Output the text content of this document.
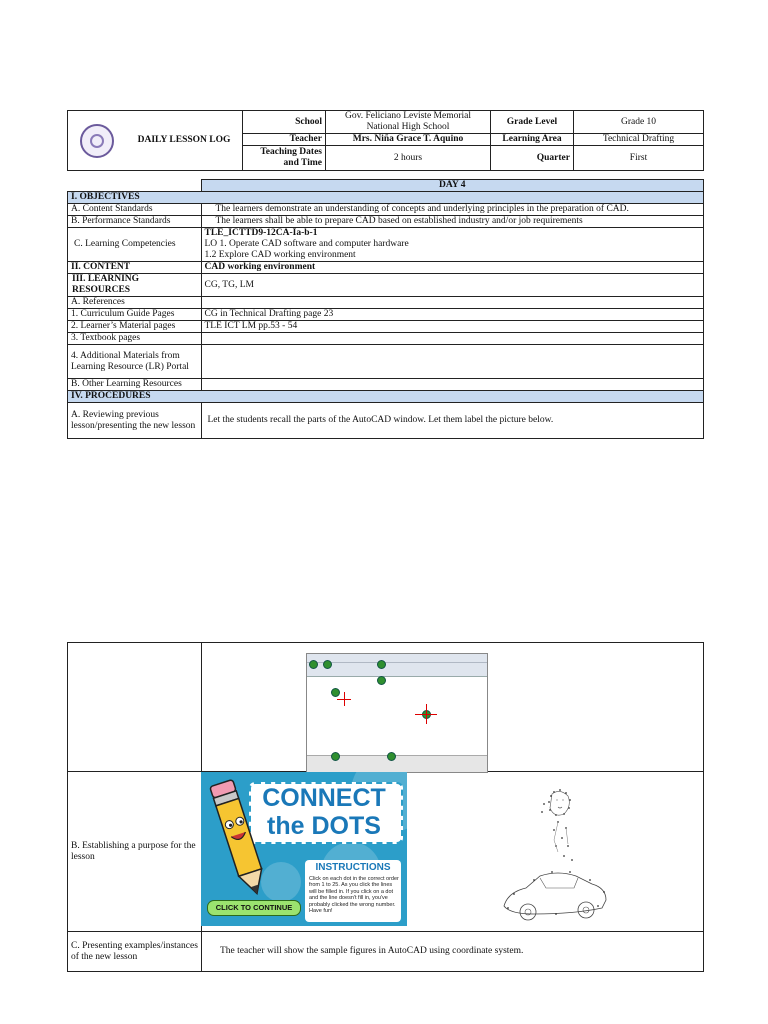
	DAILY LESSON LOG	School	Gov. Feliciano Leviste Memorial National High School	Grade Level	Grade 10
		Teacher	Mrs. Niña Grace T. Aquino	Learning Area	Technical Drafting
		Teaching Dates and Time	2 hours	Quarter	First
	DAY 4
I. OBJECTIVES	
A. Content Standards	The learners demonstrate an understanding of concepts and underlying principles in the preparation of CAD.
B. Performance Standards	The learners shall be able to prepare CAD based on established industry and/or job requirements
C. Learning Competencies	TLE_ICTTD9-12CA-Ia-b-1
LO 1. Operate CAD software and computer hardware
1.2 Explore CAD working environment

II. CONTENT	CAD working environment
III. LEARNING RESOURCES	CG, TG, LM
A. References	
1. Curriculum Guide Pages	CG in Technical Drafting page 23
2. Learner’s Material pages	TLE ICT LM pp.53 - 54
3. Textbook pages	
4. Additional Materials from Learning Resource (LR) Portal	
B. Other Learning Resources	
IV. PROCEDURES	
A. Reviewing previous lesson/presenting the new lesson	Let the students recall the parts of the AutoCAD window. Let them label the picture below.

B. Establishing a purpose for the lesson	
C. Presenting examples/instances of the new lesson	The teacher will show the sample figures in AutoCAD using coordinate system.
CONNECT
the DOTS
INSTRUCTIONS
Click on each dot in the correct order from 1 to 25. As you click the lines will be filled in. If you click on a dot and the line doesn't fill in, you've probably clicked the wrong number. Have fun!
CLICK TO CONTINUE
